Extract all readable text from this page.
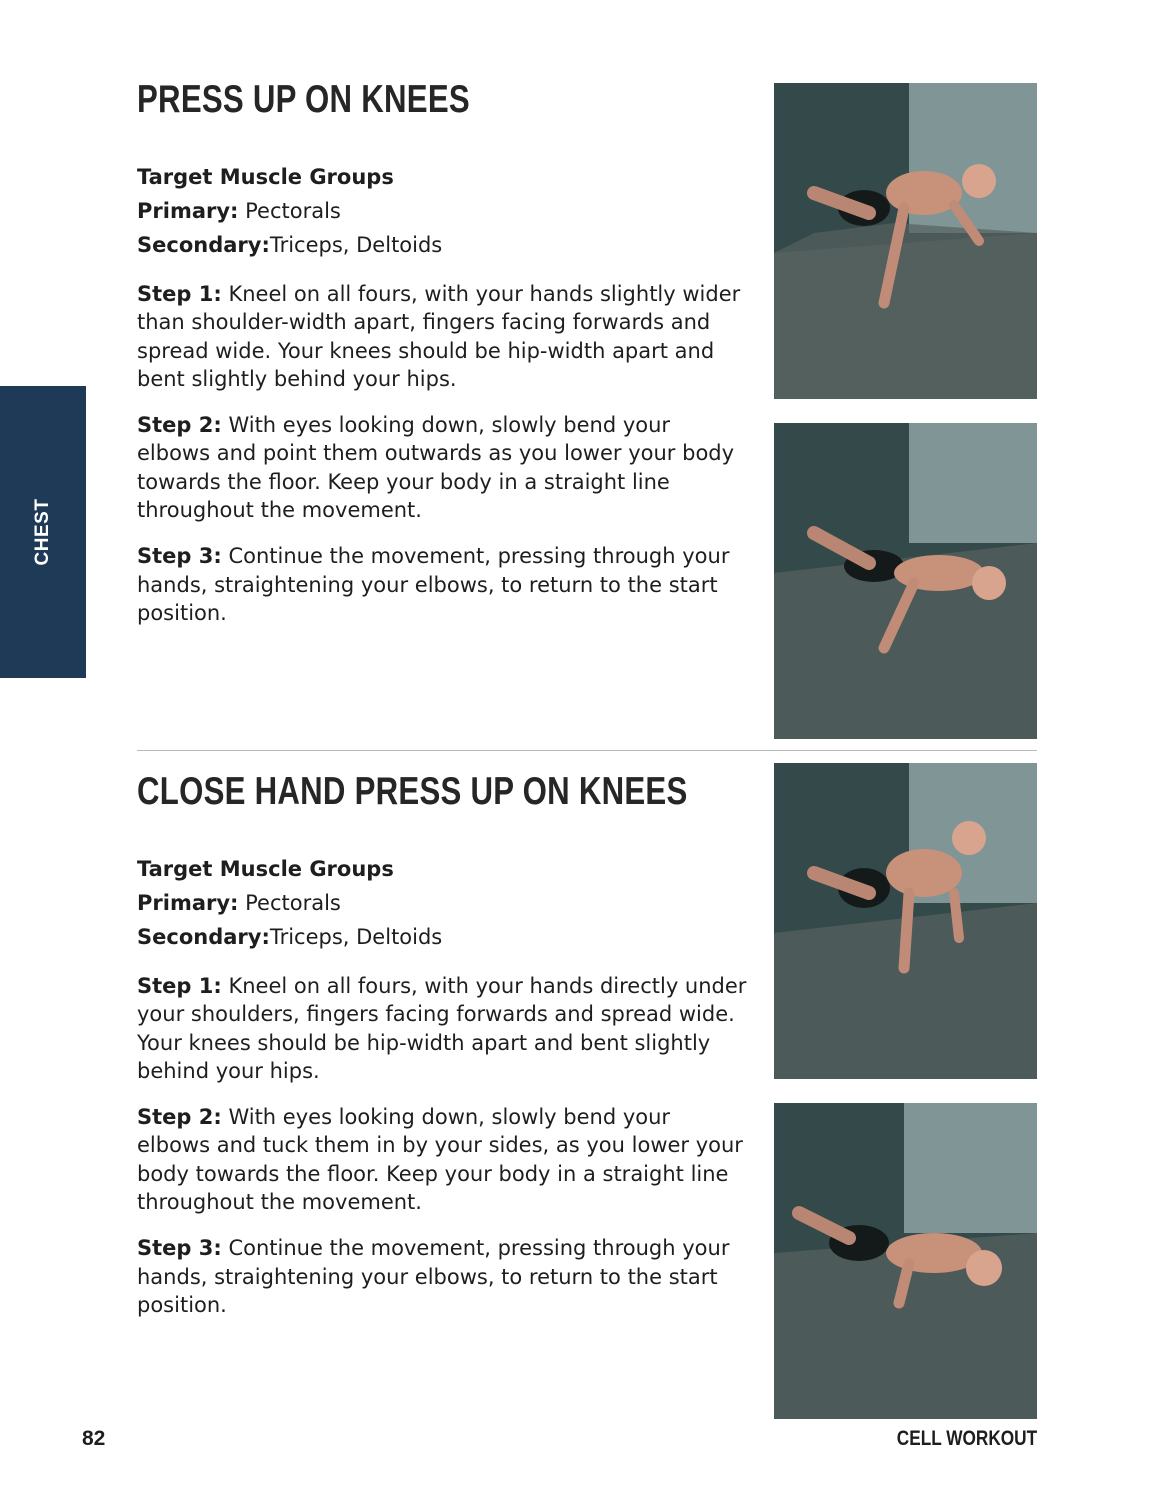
CHEST
PRESS UP ON KNEES
Target Muscle Groups
Primary: Pectorals
Secondary:Triceps, Deltoids
Step 1: Kneel on all fours, with your hands slightly wider than shoulder-width apart, fingers facing forwards and spread wide. Your knees should be hip-width apart and bent slightly behind your hips.
Step 2: With eyes looking down, slowly bend your elbows and point them outwards as you lower your body towards the floor. Keep your body in a straight line throughout the movement.
Step 3: Continue the movement, pressing through your hands, straightening your elbows, to return to the start position.
CLOSE HAND PRESS UP ON KNEES
Target Muscle Groups
Primary: Pectorals
Secondary:Triceps, Deltoids
Step 1: Kneel on all fours, with your hands directly under your shoulders, fingers facing forwards and spread wide. Your knees should be hip-width apart and bent slightly behind your hips.
Step 2: With eyes looking down, slowly bend your elbows and tuck them in by your sides, as you lower your body towards the floor. Keep your body in a straight line throughout the movement.
Step 3: Continue the movement, pressing through your hands, straightening your elbows, to return to the start position.
82	CELL WORKOUT
